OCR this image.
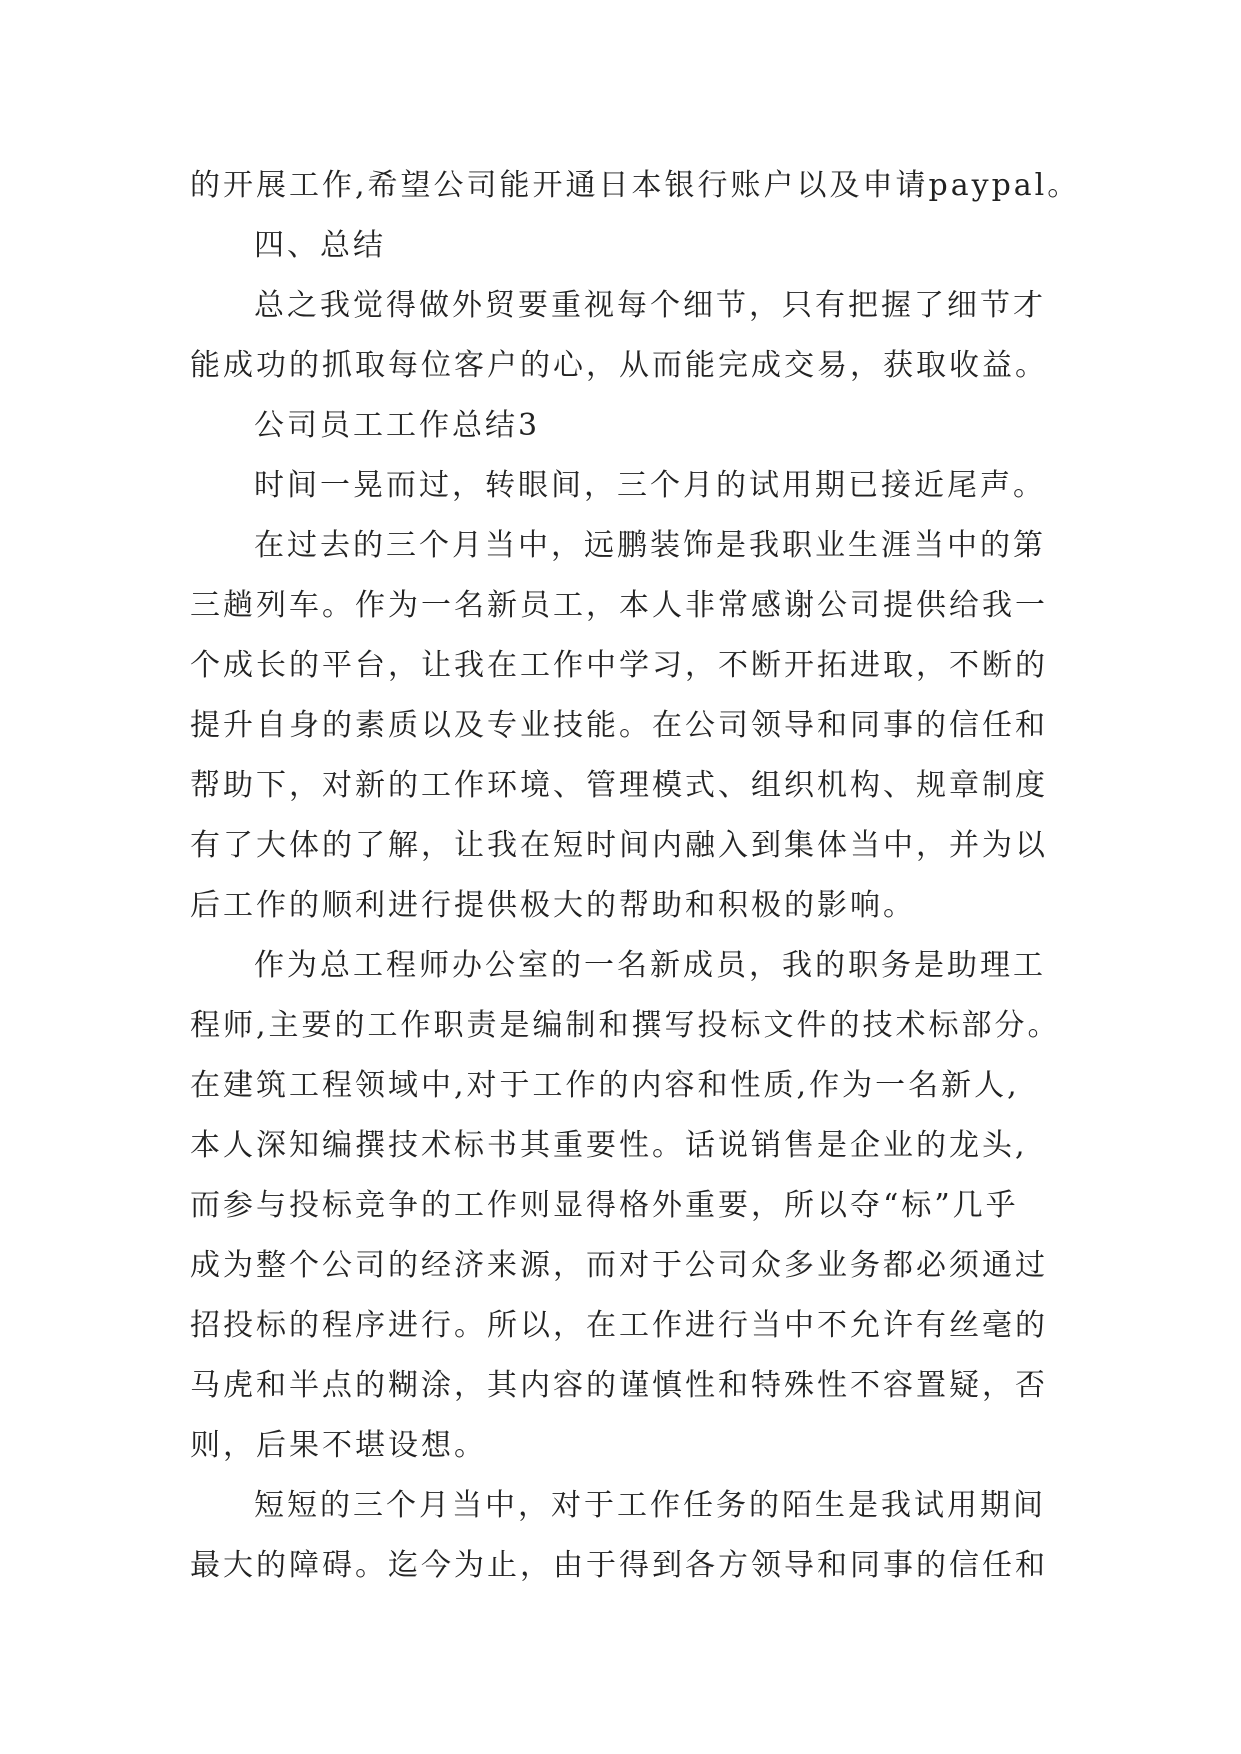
的开展工作,希望公司能开通日本银行账户以及申请paypal。
四、总结
总之我觉得做外贸要重视每个细节，只有把握了细节才
能成功的抓取每位客户的心，从而能完成交易，获取收益。
公司员工工作总结3
时间一晃而过，转眼间，三个月的试用期已接近尾声。
在过去的三个月当中，远鹏装饰是我职业生涯当中的第
三趟列车。作为一名新员工，本人非常感谢公司提供给我一
个成长的平台，让我在工作中学习，不断开拓进取，不断的
提升自身的素质以及专业技能。在公司领导和同事的信任和
帮助下，对新的工作环境、管理模式、组织机构、规章制度
有了大体的了解，让我在短时间内融入到集体当中，并为以
后工作的顺利进行提供极大的帮助和积极的影响。
作为总工程师办公室的一名新成员，我的职务是助理工
程师,主要的工作职责是编制和撰写投标文件的技术标部分。
在建筑工程领域中,对于工作的内容和性质,作为一名新人,
本人深知编撰技术标书其重要性。话说销售是企业的龙头,
而参与投标竞争的工作则显得格外重要，所以夺“标”几乎
成为整个公司的经济来源，而对于公司众多业务都必须通过
招投标的程序进行。所以，在工作进行当中不允许有丝毫的
马虎和半点的糊涂，其内容的谨慎性和特殊性不容置疑，否
则，后果不堪设想。
短短的三个月当中，对于工作任务的陌生是我试用期间
最大的障碍。迄今为止，由于得到各方领导和同事的信任和
